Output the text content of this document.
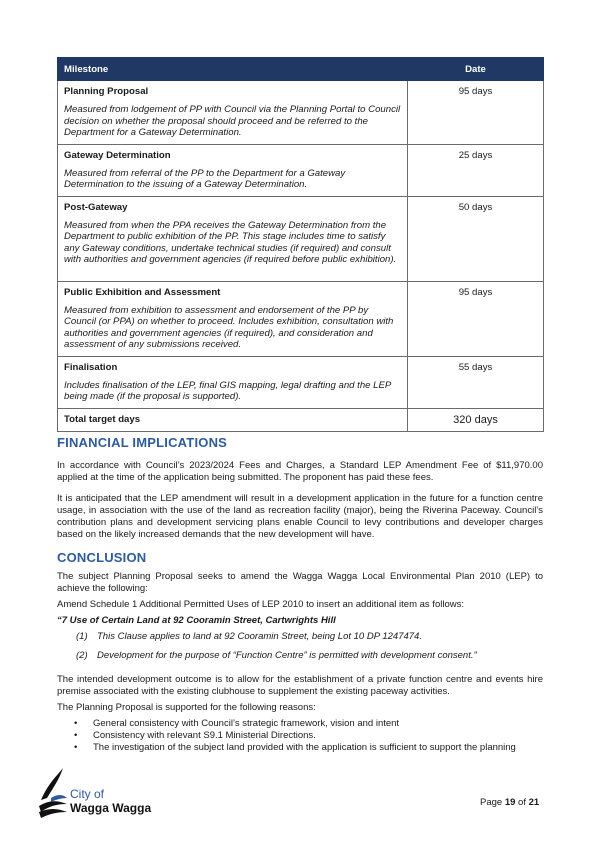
Milestone	Date

Planning Proposal
Measured from lodgement of PP with Council via the Planning Portal to Council decision on whether the proposal should proceed and be referred to the Department for a Gateway Determination.	95 days

Gateway Determination
Measured from referral of the PP to the Department for a Gateway Determination to the issuing of a Gateway Determination.	25 days

Post-Gateway
Measured from when the PPA receives the Gateway Determination from the Department to public exhibition of the PP. This stage includes time to satisfy any Gateway conditions, undertake technical studies (if required) and consult with authorities and government agencies (if required before public exhibition).	50 days

Public Exhibition and Assessment
Measured from exhibition to assessment and endorsement of the PP by Council (or PPA) on whether to proceed. Includes exhibition, consultation with authorities and government agencies (if required), and consideration and assessment of any submissions received.	95 days

Finalisation
Includes finalisation of the LEP, final GIS mapping, legal drafting and the LEP being made (if the proposal is supported).	55 days
Total target days	320 days
FINANCIAL IMPLICATIONS

In accordance with Council’s 2023/2024 Fees and Charges, a Standard LEP Amendment Fee of $11,970.00 applied at the time of the application being submitted. The proponent has paid these fees.

It is anticipated that the LEP amendment will result in a development application in the future for a function centre usage, in association with the use of the land as recreation facility (major), being the Riverina Paceway. Council’s contribution plans and development servicing plans enable Council to levy contributions and developer charges based on the likely increased demands that the new development will have.

CONCLUSION

The subject Planning Proposal seeks to amend the Wagga Wagga Local Environmental Plan 2010 (LEP) to achieve the following:

Amend Schedule 1 Additional Permitted Uses of LEP 2010 to insert an additional item as follows:

“7 Use of Certain Land at 92 Cooramin Street, Cartwrights Hill

(1) This Clause applies to land at 92 Cooramin Street, being Lot 10 DP 1247474.
(2) Development for the purpose of “Function Centre” is permitted with development consent.”

The intended development outcome is to allow for the establishment of a private function centre and events hire premise associated with the existing clubhouse to supplement the existing paceway activities.

The Planning Proposal is supported for the following reasons:

• General consistency with Council’s strategic framework, vision and intent
• Consistency with relevant S9.1 Ministerial Directions.
• The investigation of the subject land provided with the application is sufficient to support the planning
City of
Wagga Wagga	Page 19 of 21
